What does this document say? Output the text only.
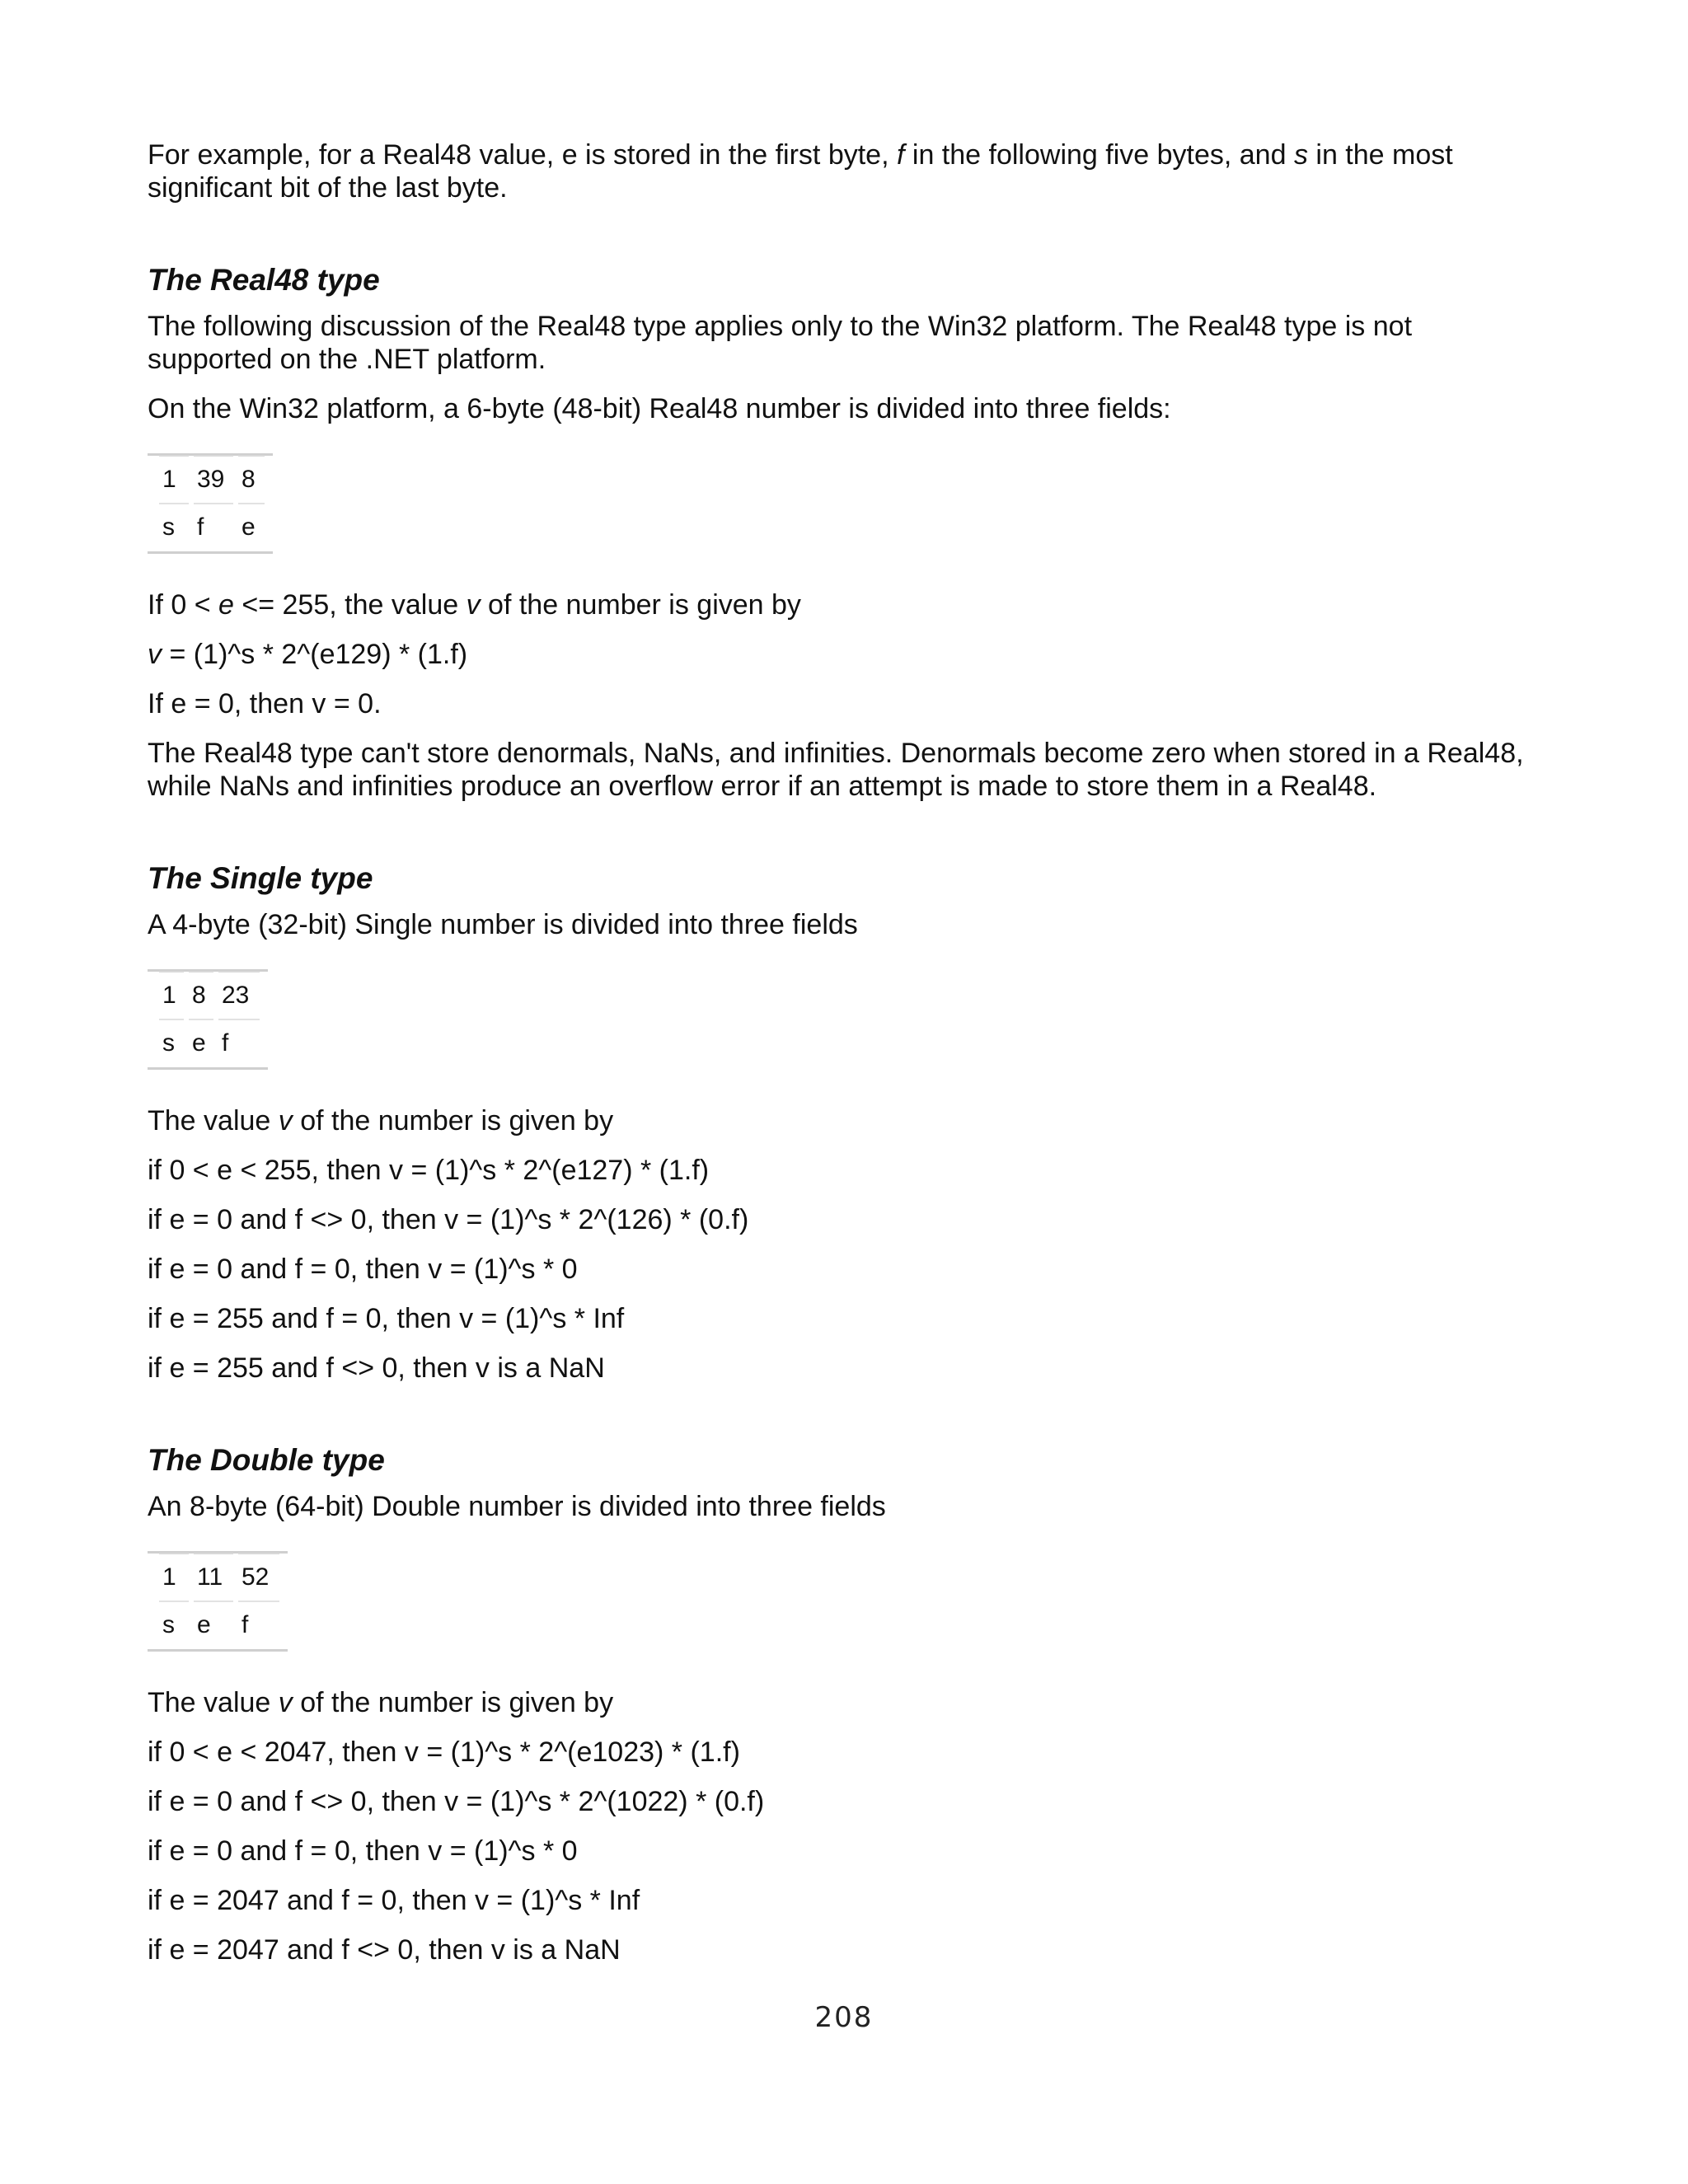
For example, for a Real48 value, e is stored in the first byte, f in the following five bytes, and s in the most significant bit of the last byte.

The Real48 type

The following discussion of the Real48 type applies only to the Win32 platform. The Real48 type is not supported on the .NET platform.

On the Win32 platform, a 6-byte (48-bit) Real48 number is divided into three fields:

1 39 8
s f	e

If 0 < e <= 255, the value v of the number is given by

v = (1)^s * 2^(e129) * (1.f)

If e = 0, then v = 0.

The Real48 type can't store denormals, NaNs, and infinities. Denormals become zero when stored in a Real48, while NaNs and infinities produce an overflow error if an attempt is made to store them in a Real48.

The Single type

A 4-byte (32-bit) Single number is divided into three fields

1 8 23
s e f

The value v of the number is given by

if 0 < e < 255, then v = (1)^s * 2^(e127) * (1.f)

if e = 0 and f <> 0, then v = (1)^s * 2^(126) * (0.f)

if e = 0 and f = 0, then v = (1)^s * 0

if e = 255 and f = 0, then v = (1)^s * Inf

if e = 255 and f <> 0, then v is a NaN

The Double type

An 8-byte (64-bit) Double number is divided into three fields

1 11 52
s e	f

The value v of the number is given by

if 0 < e < 2047, then v = (1)^s * 2^(e1023) * (1.f)

if e = 0 and f <> 0, then v = (1)^s * 2^(1022) * (0.f)

if e = 0 and f = 0, then v = (1)^s * 0

if e = 2047 and f = 0, then v = (1)^s * Inf

if e = 2047 and f <> 0, then v is a NaN

208
